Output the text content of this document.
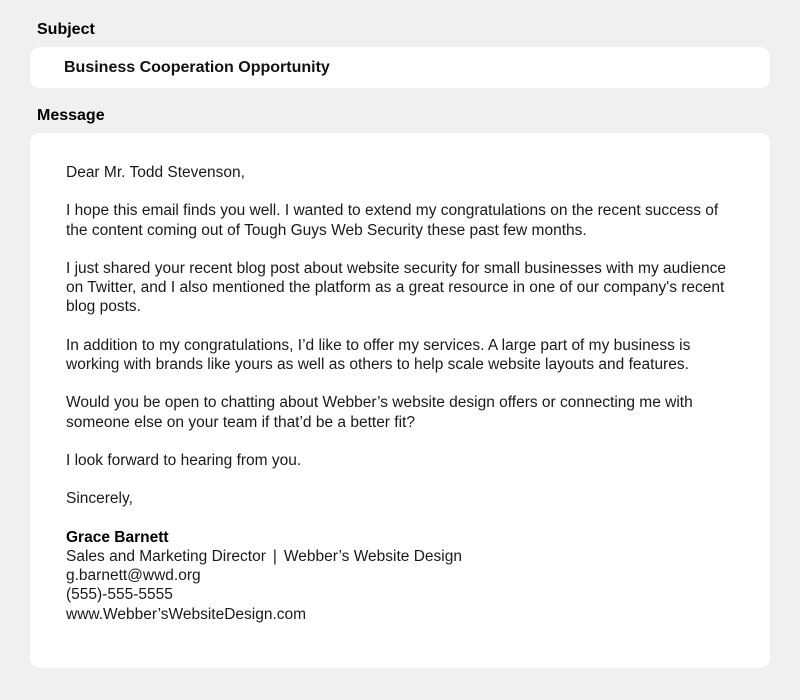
Subject
Business Cooperation Opportunity
Message

Dear Mr. Todd Stevenson,

I hope this email finds you well. I wanted to extend my congratulations on the recent success of the content coming out of Tough Guys Web Security these past few months.

I just shared your recent blog post about website security for small businesses with my audience on Twitter, and I also mentioned the platform as a great resource in one of our company's recent blog posts.

In addition to my congratulations, I’d like to offer my services. A large part of my business is working with brands like yours as well as others to help scale website layouts and features.

Would you be open to chatting about Webber’s website design offers or connecting me with someone else on your team if that’d be a better fit?

I look forward to hearing from you.

Sincerely,

Grace Barnett
Sales and Marketing Director | Webber’s Website Design
g.barnett@wwd.org
(555)-555-5555
www.Webber’sWebsiteDesign.com
